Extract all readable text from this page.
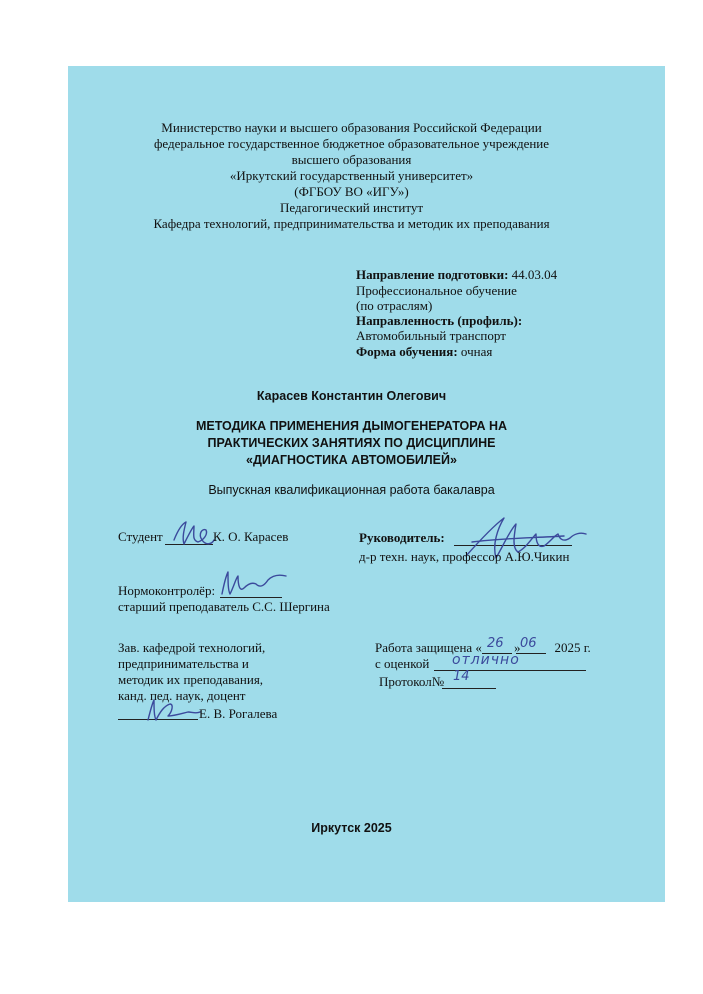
Министерство науки и высшего образования Российской Федерации
федеральное государственное бюджетное образовательное учреждение
высшего образования
«Иркутский государственный университет»
(ФГБОУ ВО «ИГУ»)
Педагогический институт
Кафедра технологий, предпринимательства и методик их преподавания
Направление подготовки: 44.03.04
Профессиональное обучение
(по отраслям)
Направленность (профиль):
Автомобильный транспорт
Форма обучения: очная
Карасев Константин Олегович
МЕТОДИКА ПРИМЕНЕНИЯ ДЫМОГЕНЕРАТОРА НА
ПРАКТИЧЕСКИХ ЗАНЯТИЯХ ПО ДИСЦИПЛИНЕ
«ДИАГНОСТИКА АВТОМОБИЛЕЙ»
Выпускная квалификационная работа бакалавра
Студент	К. О. Карасев	Руководитель:
д-р техн. наук, профессор А.Ю.Чикин
Нормоконтролёр:
старший преподаватель С.С. Шергина
Зав. кафедрой технологий,
предпринимательства и
методик их преподавания,
канд. пед. наук, доцент
Е. В. Рогалева
Работа защищена « »	2025 г.
26 06
с оценкой отлично
Протокол№ 14
Иркутск 2025
